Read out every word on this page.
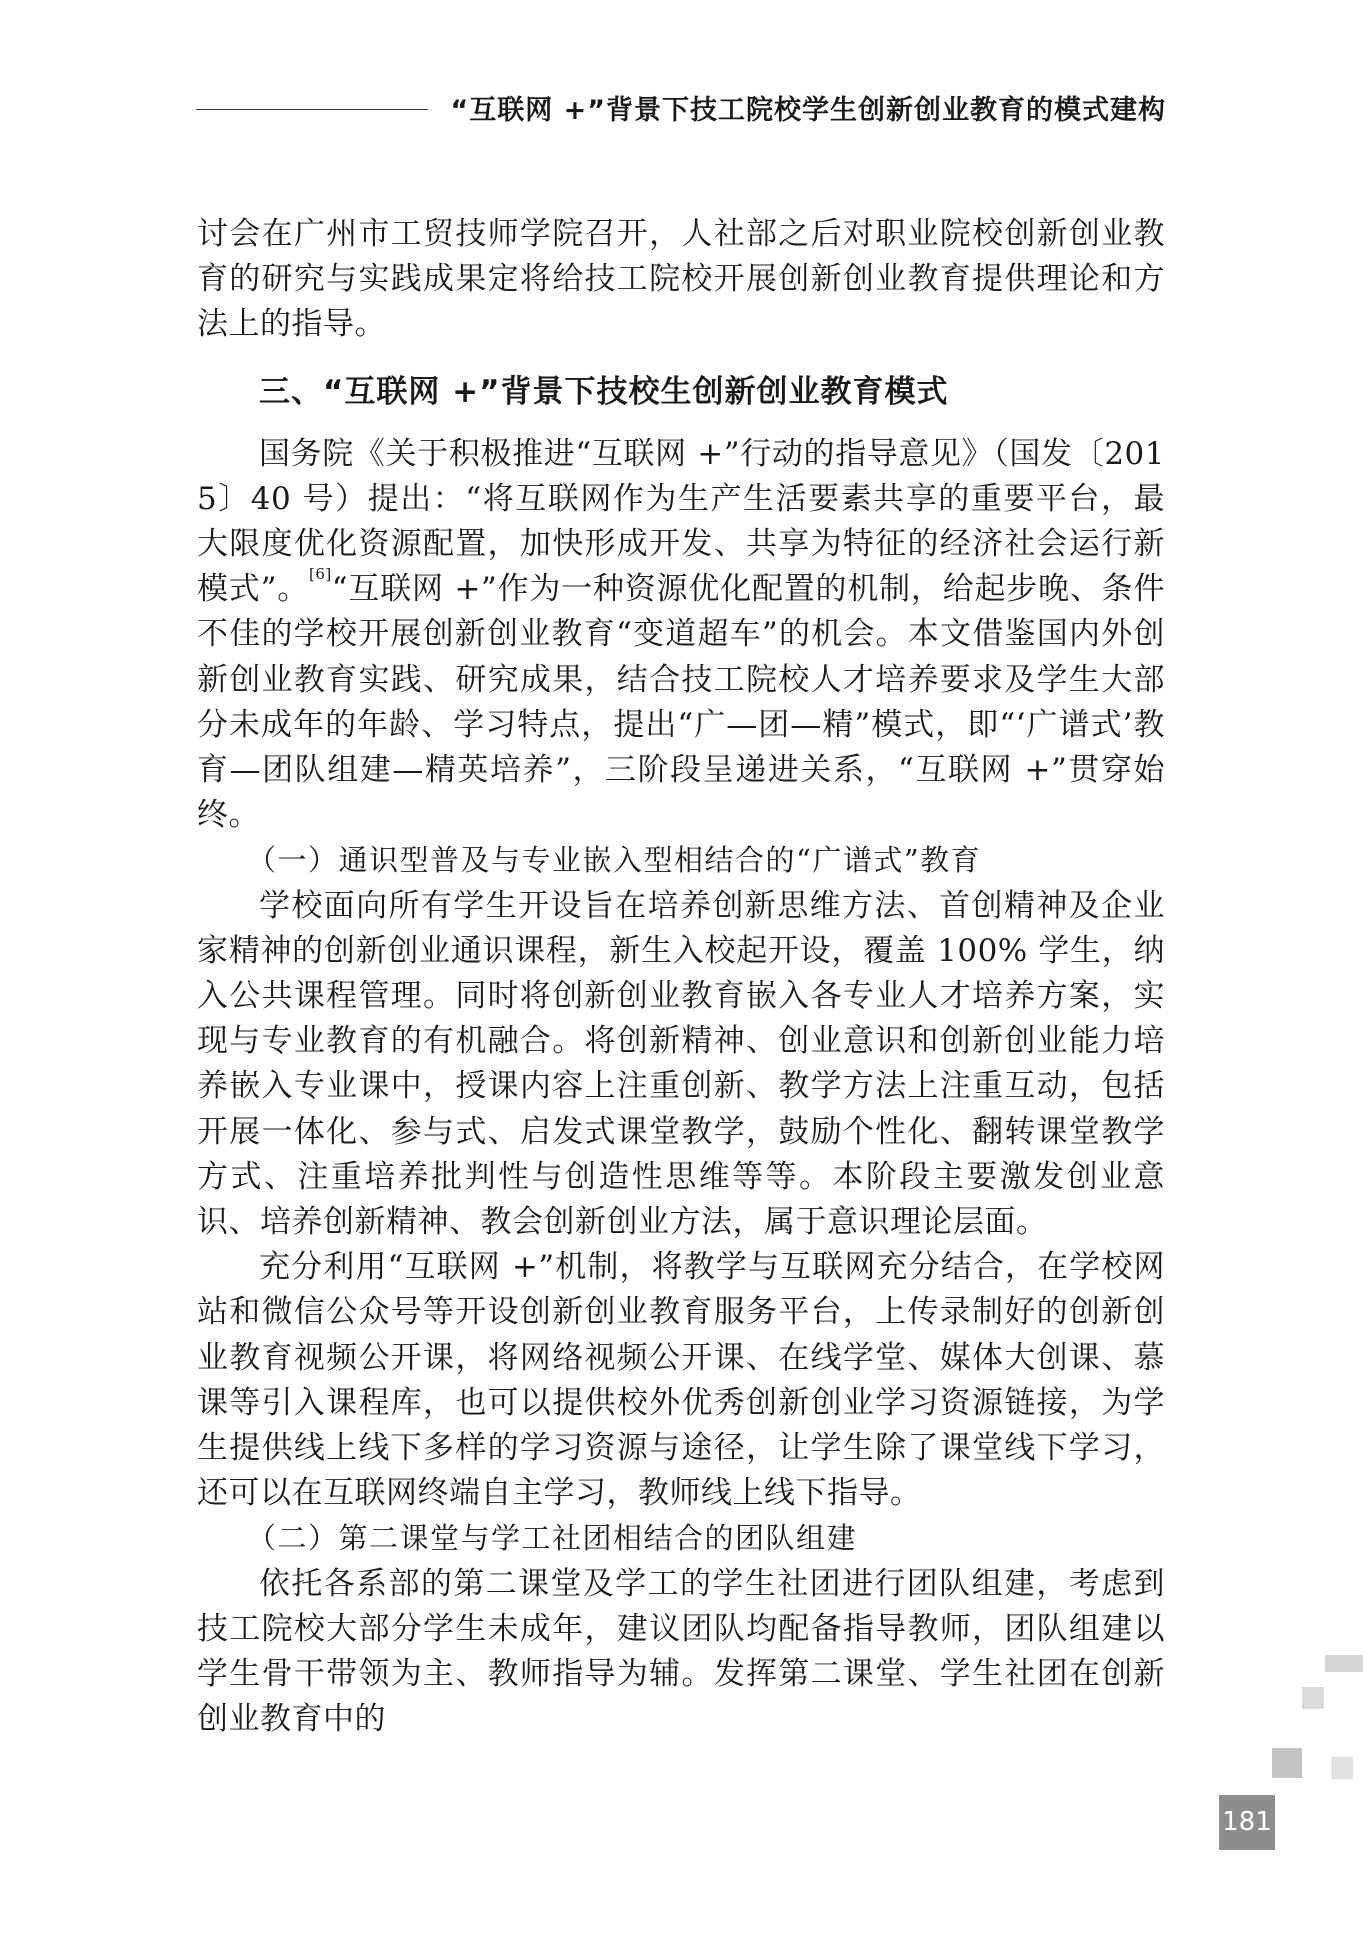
“互联网 +”背景下技工院校学生创新创业教育的模式建构

讨会在广州市工贸技师学院召开，人社部之后对职业院校创新创业教育的研究与实践成果定将给技工院校开展创新创业教育提供理论和方法上的指导。

三、“互联网 +”背景下技校生创新创业教育模式

国务院《关于积极推进“互联网 +”行动的指导意见》（国发〔2015〕40 号）提出：“将互联网作为生产生活要素共享的重要平台，最大限度优化资源配置，加快形成开发、共享为特征的经济社会运行新模式”。[6]“互联网 +”作为一种资源优化配置的机制，给起步晚、条件不佳的学校开展创新创业教育“变道超车”的机会。本文借鉴国内外创新创业教育实践、研究成果，结合技工院校人才培养要求及学生大部分未成年的年龄、学习特点，提出“广—团—精”模式，即“‘广谱式’教育—团队组建—精英培养”，三阶段呈递进关系，“互联网 +”贯穿始终。

（一）通识型普及与专业嵌入型相结合的“广谱式”教育

学校面向所有学生开设旨在培养创新思维方法、首创精神及企业家精神的创新创业通识课程，新生入校起开设，覆盖 100% 学生，纳入公共课程管理。同时将创新创业教育嵌入各专业人才培养方案，实现与专业教育的有机融合。将创新精神、创业意识和创新创业能力培养嵌入专业课中，授课内容上注重创新、教学方法上注重互动，包括开展一体化、参与式、启发式课堂教学，鼓励个性化、翻转课堂教学方式、注重培养批判性与创造性思维等等。本阶段主要激发创业意识、培养创新精神、教会创新创业方法，属于意识理论层面。

充分利用“互联网 +”机制，将教学与互联网充分结合，在学校网站和微信公众号等开设创新创业教育服务平台，上传录制好的创新创业教育视频公开课，将网络视频公开课、在线学堂、媒体大创课、慕课等引入课程库，也可以提供校外优秀创新创业学习资源链接，为学生提供线上线下多样的学习资源与途径，让学生除了课堂线下学习，还可以在互联网终端自主学习，教师线上线下指导。

（二）第二课堂与学工社团相结合的团队组建

依托各系部的第二课堂及学工的学生社团进行团队组建，考虑到技工院校大部分学生未成年，建议团队均配备指导教师，团队组建以学生骨干带领为主、教师指导为辅。发挥第二课堂、学生社团在创新创业教育中的

181
